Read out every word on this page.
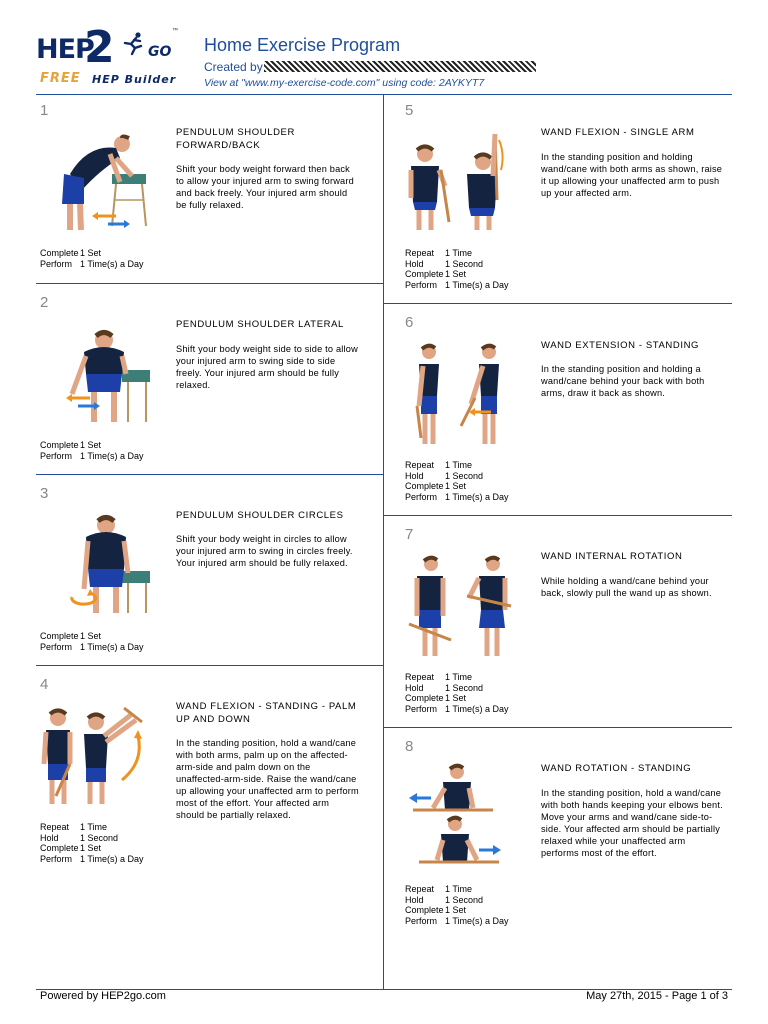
HEP
2 GO
™
FREE HEP Builder
Home Exercise Program
Created by
View at "www.my-exercise-code.com" using code: 2AYKYT7
1
PENDULUM SHOULDER FORWARD/BACK
Shift your body weight forward then back to allow your injured arm to swing forward and back freely. Your injured arm should be fully relaxed.
Complete 1 Set
Perform 1 Time(s) a Day
2
PENDULUM SHOULDER LATERAL
Shift your body weight side to side to allow your injured arm to swing side to side freely. Your injured arm should be fully relaxed.
Complete 1 Set
Perform 1 Time(s) a Day
3
PENDULUM SHOULDER CIRCLES
Shift your body weight in circles to allow your injured arm to swing in circles freely. Your injured arm should be fully relaxed.
Complete 1 Set
Perform 1 Time(s) a Day
4
WAND FLEXION - STANDING - PALM UP AND DOWN
In the standing position, hold a wand/cane with both arms, palm up on the affected-arm-side and palm down on the unaffected-arm-side. Raise the wand/cane up allowing your unaffected arm to perform most of the effort. Your affected arm should be partially relaxed.
Repeat	1 Time
Hold	1 Second
Complete 1 Set
Perform 1 Time(s) a Day
5
WAND FLEXION - SINGLE ARM
In the standing position and holding wand/cane with both arms as shown, raise it up allowing your unaffected arm to push up your affected arm.
Repeat	1 Time
Hold	1 Second
Complete 1 Set
Perform 1 Time(s) a Day
6
WAND EXTENSION - STANDING
In the standing position and holding a wand/cane behind your back with both arms, draw it back as shown.
Repeat	1 Time
Hold	1 Second
Complete 1 Set
Perform 1 Time(s) a Day
7
WAND INTERNAL ROTATION
While holding a wand/cane behind your back, slowly pull the wand up as shown.
Repeat	1 Time
Hold	1 Second
Complete 1 Set
Perform 1 Time(s) a Day
8
WAND ROTATION - STANDING
In the standing position, hold a wand/cane with both hands keeping your elbows bent. Move your arms and wand/cane side-to-side. Your affected arm should be partially relaxed while your unaffected arm performs most of the effort.
Repeat	1 Time
Hold	1 Second
Complete 1 Set
Perform 1 Time(s) a Day
Powered by HEP2go.com	May 27th, 2015 - Page 1 of 3
